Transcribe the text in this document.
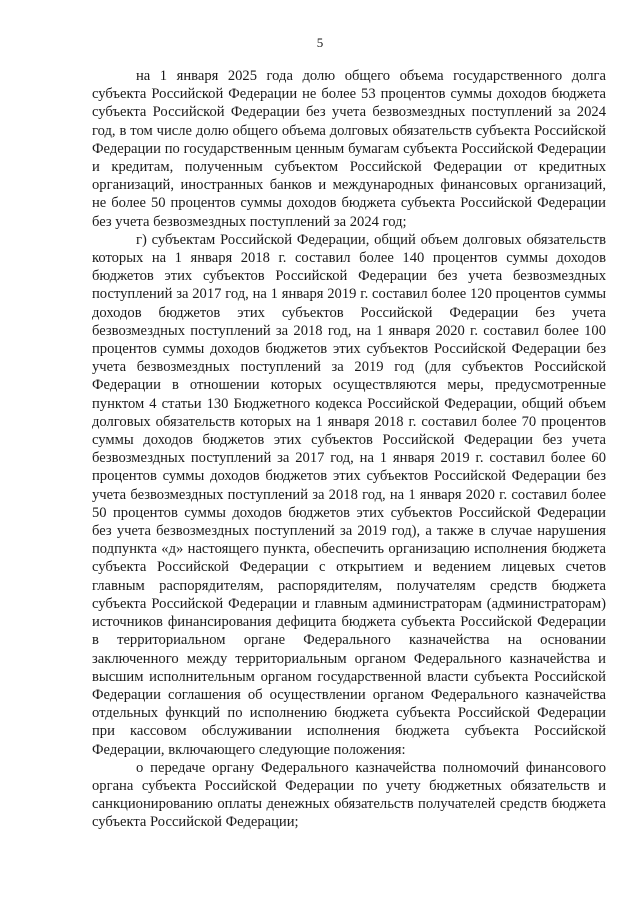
5

на 1 января 2025 года долю общего объема государственного долга субъекта Российской Федерации не более 53 процентов суммы доходов бюджета субъекта Российской Федерации без учета безвозмездных поступлений за 2024 год, в том числе долю общего объема долговых обязательств субъекта Российской Федерации по государственным ценным бумагам субъекта Российской Федерации и кредитам, полученным субъектом Российской Федерации от кредитных организаций, иностранных банков и международных финансовых организаций, не более 50 процентов суммы доходов бюджета субъекта Российской Федерации без учета безвозмездных поступлений за 2024 год;

г) субъектам Российской Федерации, общий объем долговых обязательств которых на 1 января 2018 г. составил более 140 процентов суммы доходов бюджетов этих субъектов Российской Федерации без учета безвозмездных поступлений за 2017 год, на 1 января 2019 г. составил более 120 процентов суммы доходов бюджетов этих субъектов Российской Федерации без учета безвозмездных поступлений за 2018 год, на 1 января 2020 г. составил более 100 процентов суммы доходов бюджетов этих субъектов Российской Федерации без учета безвозмездных поступлений за 2019 год (для субъектов Российской Федерации в отношении которых осуществляются меры, предусмотренные пунктом 4 статьи 130 Бюджетного кодекса Российской Федерации, общий объем долговых обязательств которых на 1 января 2018 г. составил более 70 процентов суммы доходов бюджетов этих субъектов Российской Федерации без учета безвозмездных поступлений за 2017 год, на 1 января 2019 г. составил более 60 процентов суммы доходов бюджетов этих субъектов Российской Федерации без учета безвозмездных поступлений за 2018 год, на 1 января 2020 г. составил более 50 процентов суммы доходов бюджетов этих субъектов Российской Федерации без учета безвозмездных поступлений за 2019 год), а также в случае нарушения подпункта «д» настоящего пункта, обеспечить организацию исполнения бюджета субъекта Российской Федерации с открытием и ведением лицевых счетов главным распорядителям, распорядителям, получателям средств бюджета субъекта Российской Федерации и главным администраторам (администраторам) источников финансирования дефицита бюджета субъекта Российской Федерации в территориальном органе Федерального казначейства на основании заключенного между территориальным органом Федерального казначейства и высшим исполнительным органом государственной власти субъекта Российской Федерации соглашения об осуществлении органом Федерального казначейства отдельных функций по исполнению бюджета субъекта Российской Федерации при кассовом обслуживании исполнения бюджета субъекта Российской Федерации, включающего следующие положения:

о передаче органу Федерального казначейства полномочий финансового органа субъекта Российской Федерации по учету бюджетных обязательств и санкционированию оплаты денежных обязательств получателей средств бюджета субъекта Российской Федерации;
